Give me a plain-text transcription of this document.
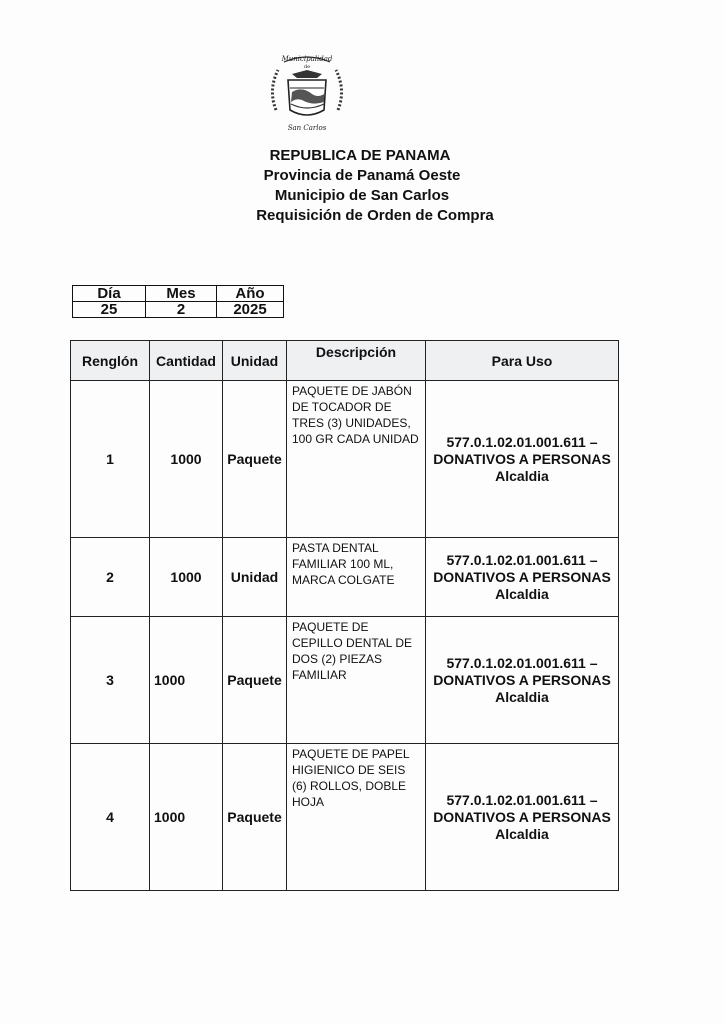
Municipalidad
de
San Carlos
REPUBLICA DE PANAMA
Provincia de Panamá Oeste
Municipio de San Carlos
Requisición de Orden de Compra
Día	Mes	Año
25	2	2025
Renglón	Cantidad	Unidad	Descripción	Para Uso
1	1000	Paquete	PAQUETE DE JABÓN DE TOCADOR DE TRES (3) UNIDADES, 100 GR CADA UNIDAD	577.0.1.02.01.001.611 – DONATIVOS A PERSONAS Alcaldia
2	1000	Unidad	PASTA DENTAL FAMILIAR 100 ML, MARCA COLGATE	577.0.1.02.01.001.611 – DONATIVOS A PERSONAS Alcaldia
3	1000	Paquete	PAQUETE DE CEPILLO DENTAL DE DOS (2) PIEZAS FAMILIAR	577.0.1.02.01.001.611 – DONATIVOS A PERSONAS Alcaldia
4	1000	Paquete	PAQUETE DE PAPEL HIGIENICO DE SEIS (6) ROLLOS, DOBLE HOJA	577.0.1.02.01.001.611 – DONATIVOS A PERSONAS Alcaldia
